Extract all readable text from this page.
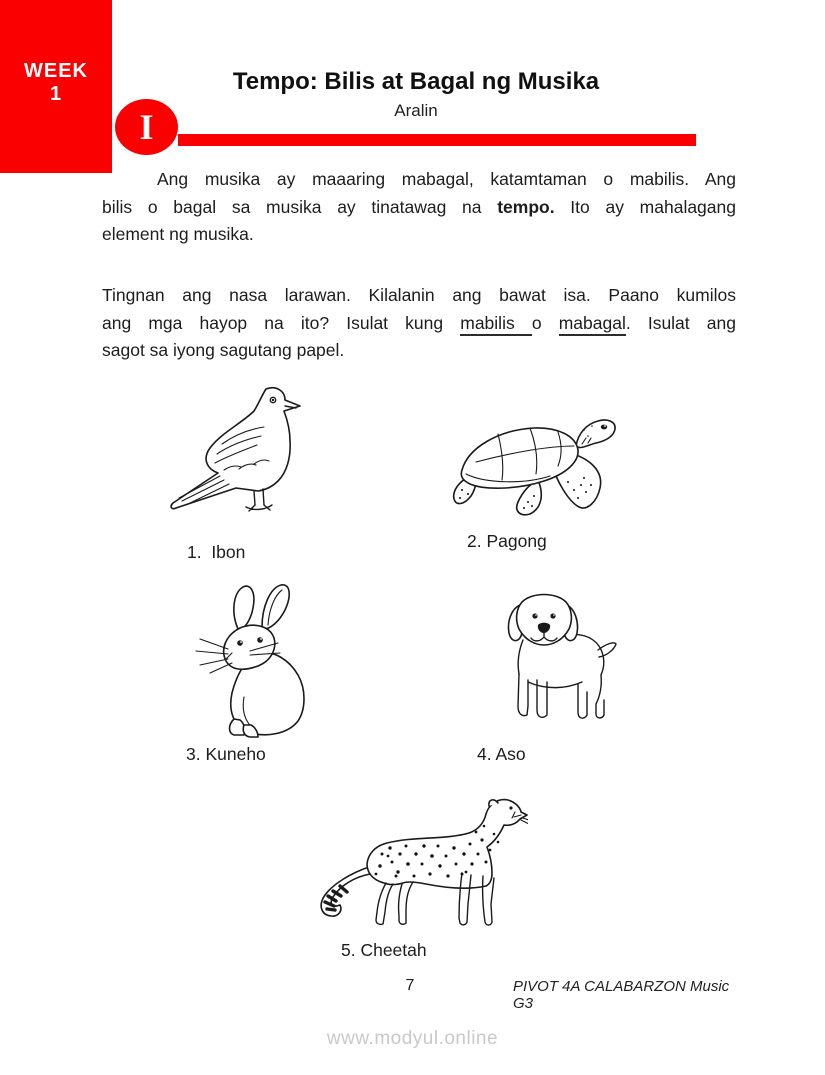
WEEK
1	Tempo: Bilis at Bagal ng Musika
Aralin
I
Ang musika ay maaaring mabagal, katamtaman o mabilis. Ang
bilis o bagal sa musika ay tinatawag na tempo. Ito ay mahalagang
element ng musika.
Tingnan ang nasa larawan. Kilalanin ang bawat isa. Paano kumilos
ang mga hayop na ito? Isulat kung mabilis o mabagal. Isulat ang
sagot sa iyong sagutang papel.
1.  Ibon
2. Pagong
3. Kuneho	4. Aso
5. Cheetah
7	PIVOT 4A CALABARZON Music G3
www.modyul.online
